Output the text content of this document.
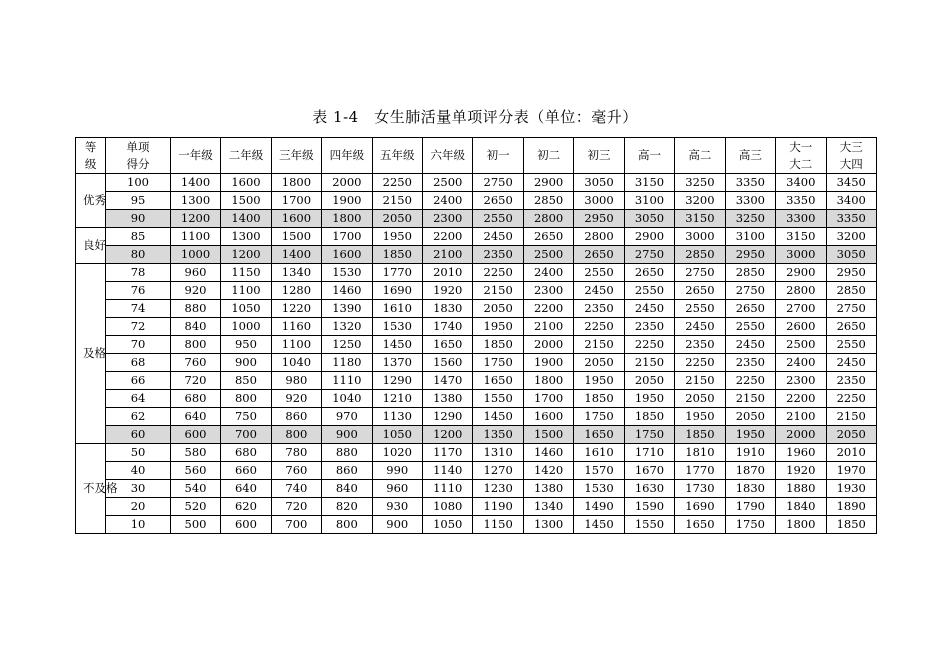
表 1-4　女生肺活量单项评分表（单位：毫升）
等级	单项得分	一年级	二年级	三年级	四年级	五年级	六年级	初一	初二	初三	高一	高二	高三	大一大二	大三大四
优秀	100	1400	1600	1800	2000	2250	2500	2750	2900	3050	3150	3250	3350	3400	3450
	95	1300	1500	1700	1900	2150	2400	2650	2850	3000	3100	3200	3300	3350	3400
	90	1200	1400	1600	1800	2050	2300	2550	2800	2950	3050	3150	3250	3300	3350
良好	85	1100	1300	1500	1700	1950	2200	2450	2650	2800	2900	3000	3100	3150	3200
	80	1000	1200	1400	1600	1850	2100	2350	2500	2650	2750	2850	2950	3000	3050
及格	78	960	1150	1340	1530	1770	2010	2250	2400	2550	2650	2750	2850	2900	2950
	76	920	1100	1280	1460	1690	1920	2150	2300	2450	2550	2650	2750	2800	2850
	74	880	1050	1220	1390	1610	1830	2050	2200	2350	2450	2550	2650	2700	2750
	72	840	1000	1160	1320	1530	1740	1950	2100	2250	2350	2450	2550	2600	2650
	70	800	950	1100	1250	1450	1650	1850	2000	2150	2250	2350	2450	2500	2550
	68	760	900	1040	1180	1370	1560	1750	1900	2050	2150	2250	2350	2400	2450
	66	720	850	980	1110	1290	1470	1650	1800	1950	2050	2150	2250	2300	2350
	64	680	800	920	1040	1210	1380	1550	1700	1850	1950	2050	2150	2200	2250
	62	640	750	860	970	1130	1290	1450	1600	1750	1850	1950	2050	2100	2150
	60	600	700	800	900	1050	1200	1350	1500	1650	1750	1850	1950	2000	2050
不及格	50	580	680	780	880	1020	1170	1310	1460	1610	1710	1810	1910	1960	2010
	40	560	660	760	860	990	1140	1270	1420	1570	1670	1770	1870	1920	1970
	30	540	640	740	840	960	1110	1230	1380	1530	1630	1730	1830	1880	1930
	20	520	620	720	820	930	1080	1190	1340	1490	1590	1690	1790	1840	1890
	10	500	600	700	800	900	1050	1150	1300	1450	1550	1650	1750	1800	1850
